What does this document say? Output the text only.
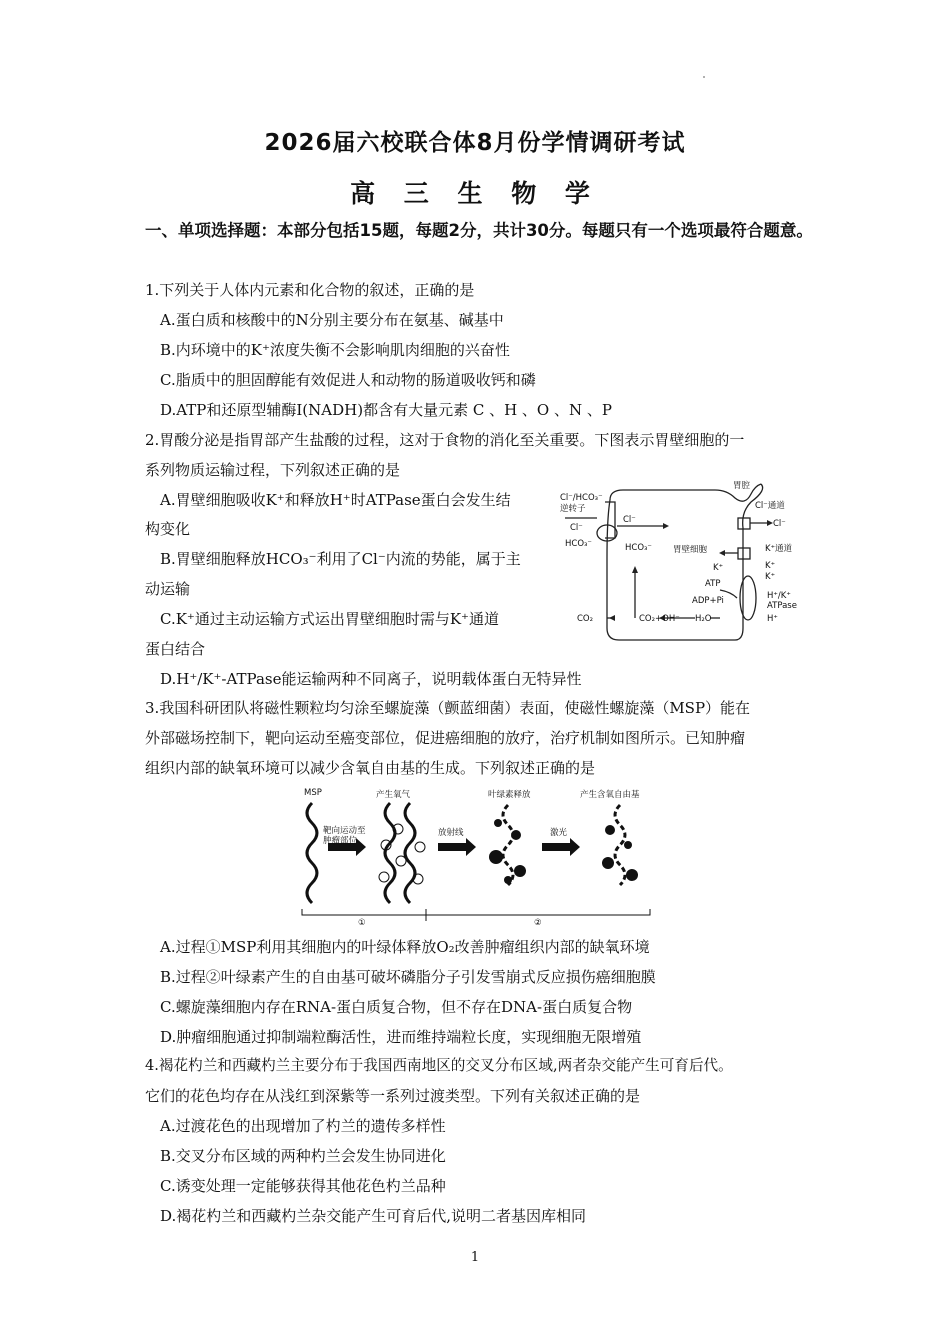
2026届六校联合体8月份学情调研考试
高 三 生 物 学
一、单项选择题：本部分包括15题，每题2分，共计30分。每题只有一个选项最符合题意。
1.下列关于人体内元素和化合物的叙述，正确的是
A.蛋白质和核酸中的N分别主要分布在氨基、碱基中
B.内环境中的K⁺浓度失衡不会影响肌肉细胞的兴奋性
C.脂质中的胆固醇能有效促进人和动物的肠道吸收钙和磷
D.ATP和还原型辅酶Ⅰ(NADH)都含有大量元素 C 、H 、O 、N 、P
2.胃酸分泌是指胃部产生盐酸的过程，这对于食物的消化至关重要。下图表示胃壁细胞的一
系列物质运输过程，下列叙述正确的是
A.胃壁细胞吸收K⁺和释放H⁺时ATPase蛋白会发生结
构变化
B.胃壁细胞释放HCO₃⁻利用了Cl⁻内流的势能，属于主
动运输
C.K⁺通过主动运输方式运出胃壁细胞时需与K⁺通道
蛋白结合
D.H⁺/K⁺-ATPase能运输两种不同离子，说明载体蛋白无特异性
胃腔
Cl⁻/HCO₃⁻
逆转子	Cl⁻通道
K⁺通道
胃壁细胞
Cl⁻
Cl⁻	Cl⁻
HCO₃⁻	HCO₃⁻
K⁺	K⁺
K⁺
ATP
ADP+Pi	H⁺/K⁺
ATPase
H⁺
CO₂	CO₂+OH⁻ H₂O
3.我国科研团队将磁性颗粒均匀涂至螺旋藻（颤蓝细菌）表面，使磁性螺旋藻（MSP）能在
外部磁场控制下，靶向运动至癌变部位，促进癌细胞的放疗，治疗机制如图所示。已知肿瘤
组织内部的缺氧环境可以减少含氧自由基的生成。下列叙述正确的是
MSP	产生氧气
靶向运动至
肿瘤部位
叶绿素释放
放射线	激光
产生含氧自由基
①	②
A.过程①MSP利用其细胞内的叶绿体释放O₂改善肿瘤组织内部的缺氧环境
B.过程②叶绿素产生的自由基可破坏磷脂分子引发雪崩式反应损伤癌细胞膜
C.螺旋藻细胞内存在RNA-蛋白质复合物，但不存在DNA-蛋白质复合物
D.肿瘤细胞通过抑制端粒酶活性，进而维持端粒长度，实现细胞无限增殖
4.褐花杓兰和西藏杓兰主要分布于我国西南地区的交叉分布区域,两者杂交能产生可育后代。
它们的花色均存在从浅红到深紫等一系列过渡类型。下列有关叙述正确的是
A.过渡花色的出现增加了杓兰的遗传多样性
B.交叉分布区域的两种杓兰会发生协同进化
C.诱变处理一定能够获得其他花色杓兰品种
D.褐花杓兰和西藏杓兰杂交能产生可育后代,说明二者基因库相同
1
